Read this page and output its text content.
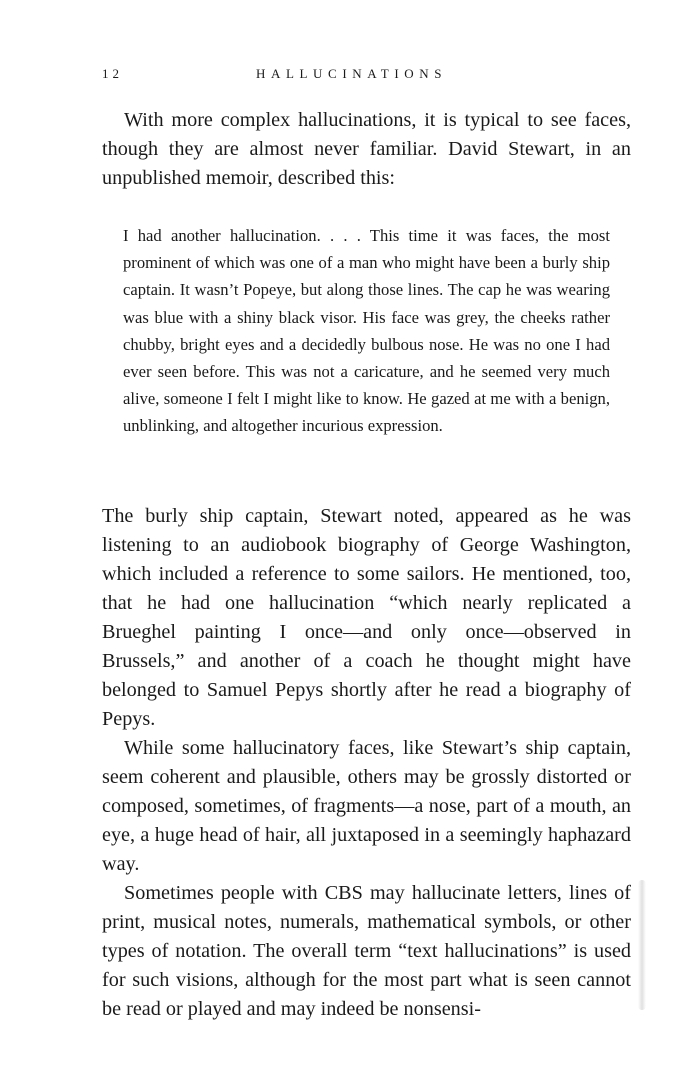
12	HALLUCINATIONS

With more complex hallucinations, it is typical to see faces, though they are almost never familiar. David Stewart, in an unpublished memoir, described this:

I had another hallucination. . . . This time it was faces, the most prominent of which was one of a man who might have been a burly ship captain. It wasn’t Popeye, but along those lines. The cap he was wearing was blue with a shiny black visor. His face was grey, the cheeks rather chubby, bright eyes and a decidedly bulbous nose. He was no one I had ever seen before. This was not a caricature, and he seemed very much alive, someone I felt I might like to know. He gazed at me with a benign, unblinking, and altogether incurious expression.

The burly ship captain, Stewart noted, appeared as he was listening to an audiobook biography of George Washington, which included a reference to some sailors. He mentioned, too, that he had one hallucination “which nearly replicated a Brueghel painting I once—and only once—observed in Brussels,” and another of a coach he thought might have belonged to Samuel Pepys shortly after he read a biography of Pepys.

While some hallucinatory faces, like Stewart’s ship captain, seem coherent and plausible, others may be grossly distorted or composed, sometimes, of fragments—a nose, part of a mouth, an eye, a huge head of hair, all juxtaposed in a seemingly haphazard way.

Sometimes people with CBS may hallucinate letters, lines of print, musical notes, numerals, mathematical symbols, or other types of notation. The overall term “text hallucinations” is used for such visions, although for the most part what is seen cannot be read or played and may indeed be nonsensi-
